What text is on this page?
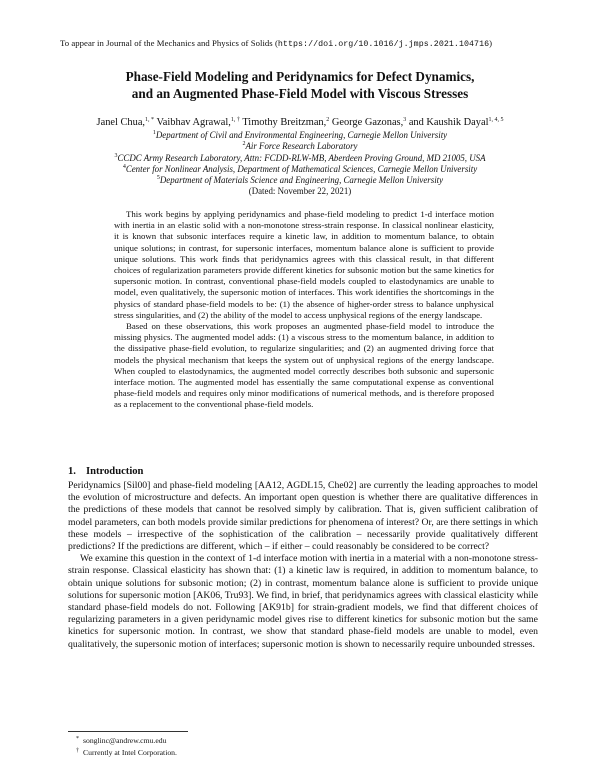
To appear in Journal of the Mechanics and Physics of Solids (https://doi.org/10.1016/j.jmps.2021.104716)
Phase-Field Modeling and Peridynamics for Defect Dynamics,
and an Augmented Phase-Field Model with Viscous Stresses
Janel Chua,$^{1, *}$ Vaibhav Agrawal,$^{1, \dagger}$ Timothy Breitzman,$^2$ George Gazonas,$^3$ and Kaushik Dayal$^{1, 4, 5}$
$^1$Department of Civil and Environmental Engineering, Carnegie Mellon University
$^2$Air Force Research Laboratory
$^3$CCDC Army Research Laboratory, Attn: FCDD-RLW-MB, Aberdeen Proving Ground, MD 21005, USA
$^4$Center for Nonlinear Analysis, Department of Mathematical Sciences, Carnegie Mellon University
$^5$Department of Materials Science and Engineering, Carnegie Mellon University
(Dated: November 22, 2021)

This work begins by applying peridynamics and phase-field modeling to predict 1-d interface motion with inertia in an elastic solid with a non-monotone stress-strain response. In classical nonlinear elasticity, it is known that subsonic interfaces require a kinetic law, in addition to momentum balance, to obtain unique solutions; in contrast, for supersonic interfaces, momentum balance alone is sufficient to provide unique solutions. This work finds that peridynamics agrees with this classical result, in that different choices of regularization parameters provide different kinetics for subsonic motion but the same kinetics for supersonic motion. In contrast, conventional phase-field models coupled to elastodynamics are unable to model, even qualitatively, the supersonic motion of interfaces. This work identifies the shortcomings in the physics of standard phase-field models to be: (1) the absence of higher-order stress to balance unphysical stress singularities, and (2) the ability of the model to access unphysical regions of the energy landscape.

Based on these observations, this work proposes an augmented phase-field model to introduce the missing physics. The augmented model adds: (1) a viscous stress to the momentum balance, in addition to the dissipative phase-field evolution, to regularize singularities; and (2) an augmented driving force that models the physical mechanism that keeps the system out of unphysical regions of the energy landscape. When coupled to elastodynamics, the augmented model correctly describes both subsonic and supersonic interface motion. The augmented model has essentially the same computational expense as conventional phase-field models and requires only minor modifications of numerical methods, and is therefore proposed as a replacement to the conventional phase-field models.

1. Introduction

Peridynamics [Sil00] and phase-field modeling [AA12, AGDL15, Che02] are currently the leading approaches to model the evolution of microstructure and defects. An important open question is whether there are qualitative differences in the predictions of these models that cannot be resolved simply by calibration. That is, given sufficient calibration of model parameters, can both models provide similar predictions for phenomena of interest? Or, are there settings in which these models – irrespective of the sophistication of the calibration – necessarily provide qualitatively different predictions? If the predictions are different, which – if either – could reasonably be considered to be correct?

We examine this question in the context of 1-d interface motion with inertia in a material with a non-monotone stress-strain response. Classical elasticity has shown that: (1) a kinetic law is required, in addition to momentum balance, to obtain unique solutions for subsonic motion; (2) in contrast, momentum balance alone is sufficient to provide unique solutions for supersonic motion [AK06, Tru93]. We find, in brief, that peridynamics agrees with classical elasticity while standard phase-field models do not. Following [AK91b] for strain-gradient models, we find that different choices of regularizing parameters in a given peridynamic model gives rise to different kinetics for subsonic motion but the same kinetics for supersonic motion. In contrast, we show that standard phase-field models are unable to model, even qualitatively, the supersonic motion of interfaces; supersonic motion is shown to necessarily require unbounded stresses.

* songlinc@andrew.cmu.edu
† Currently at Intel Corporation.
